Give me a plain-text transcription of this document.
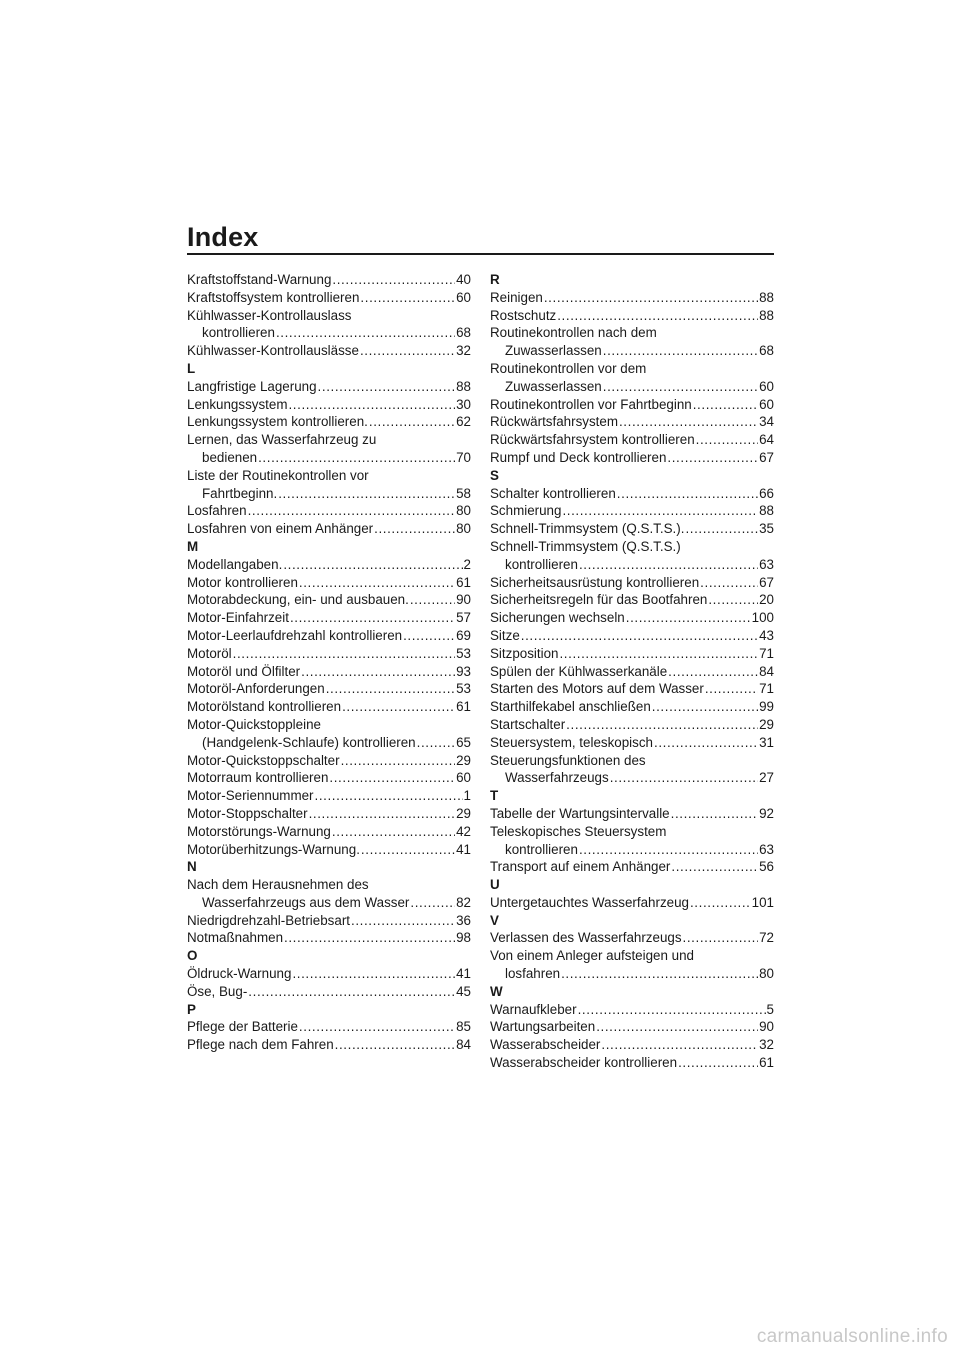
Index
Kraftstoffstand-Warnung .....	40
Kraftstoffsystem kontrollieren .....	60
Kühlwasser-Kontrollauslass
kontrollieren .....	68
Kühlwasser-Kontrollauslässe .....	32
L
Langfristige Lagerung .....	88
Lenkungssystem .....	30
Lenkungssystem kontrollieren. .....	62
Lernen, das Wasserfahrzeug zu
bedienen .....	70
Liste der Routinekontrollen vor
Fahrtbeginn. .....	58
Losfahren .....	80
Losfahren von einem Anhänger .....	80
M
Modellangaben. .....	2
Motor kontrollieren .....	61
Motorabdeckung, ein- und ausbauen. .....	90
Motor-Einfahrzeit .....	57
Motor-Leerlaufdrehzahl kontrollieren .....	69
Motoröl .....	53
Motoröl und Ölfilter .....	93
Motoröl-Anforderungen .....	53
Motorölstand kontrollieren .....	61
Motor-Quickstoppleine
(Handgelenk-Schlaufe) kontrollieren .....	65
Motor-Quickstoppschalter .....	29
Motorraum kontrollieren .....	60
Motor-Seriennummer .....	1
Motor-Stoppschalter .....	29
Motorstörungs-Warnung .....	42
Motorüberhitzungs-Warnung. .....	41
N
Nach dem Herausnehmen des
Wasserfahrzeugs aus dem Wasser .....	82
Niedrigdrehzahl-Betriebsart .....	36
Notmaßnahmen .....	98
O
Öldruck-Warnung .....	41
Öse, Bug- .....	45
P
Pflege der Batterie .....	85
Pflege nach dem Fahren .....	84
R
Reinigen .....	88
Rostschutz .....	88
Routinekontrollen nach dem
Zuwasserlassen .....	68
Routinekontrollen vor dem
Zuwasserlassen .....	60
Routinekontrollen vor Fahrtbeginn .....	60
Rückwärtsfahrsystem .....	34
Rückwärtsfahrsystem kontrollieren .....	64
Rumpf und Deck kontrollieren .....	67
S
Schalter kontrollieren .....	66
Schmierung .....	88
Schnell-Trimmsystem (Q.S.T.S.). .....	35
Schnell-Trimmsystem (Q.S.T.S.)
kontrollieren .....	63
Sicherheitsausrüstung kontrollieren .....	67
Sicherheitsregeln für das Bootfahren .....	20
Sicherungen wechseln .....	100
Sitze .....	43
Sitzposition .....	71
Spülen der Kühlwasserkanäle .....	84
Starten des Motors auf dem Wasser .....	71
Starthilfekabel anschließen .....	99
Startschalter .....	29
Steuersystem, teleskopisch .....	31
Steuerungsfunktionen des
Wasserfahrzeugs .....	27
T
Tabelle der Wartungsintervalle .....	92
Teleskopisches Steuersystem
kontrollieren .....	63
Transport auf einem Anhänger .....	56
U
Untergetauchtes Wasserfahrzeug .....	101
V
Verlassen des Wasserfahrzeugs .....	72
Von einem Anleger aufsteigen und
losfahren .....	80
W
Warnaufkleber .....	5
Wartungsarbeiten .....	90
Wasserabscheider .....	32
Wasserabscheider kontrollieren .....	61
carmanualsonline.info
